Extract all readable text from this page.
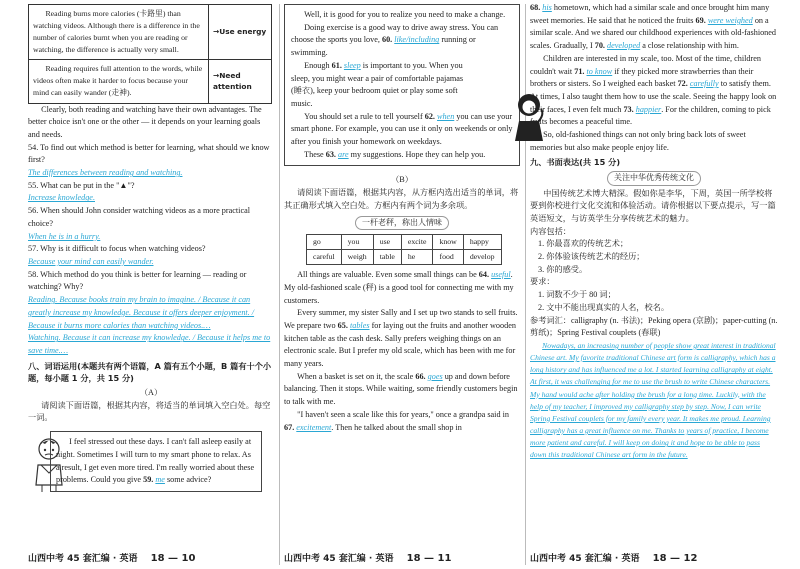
Reading burns more calories (卡路里) than watching videos. Although there is a difference in the number of calories burnt when you are reading or watching, the difference is actually very small.	→Use energy
Reading requires full attention to the words, while videos often make it harder to focus because your mind can easily wander (走神).	→Need attention

Clearly, both reading and watching have their own advantages. The better choice isn't one or the other — it depends on your learning goals and needs.

54. To find out which method is better for learning, what should we know first?

The differences between reading and watching.

55. What can be put in the "▲"?

Increase knowledge.

56. When should John consider watching videos as a more practical choice?

When he is in a hurry.

57. Why is it difficult to focus when watching videos?

Because your mind can easily wander.

58. Which method do you think is better for learning — reading or watching? Why?

Reading. Because books train my brain to imagine. / Because it can greatly increase my knowledge. Because it offers deeper enjoyment. / Because it burns more calories than watching videos.…

Watching. Because it can increase my knowledge. / Because it helps me to save time.…

八、词语运用(本题共有两个语篇，A 篇有五个小题，B 篇有十个小题，每小题 1 分，共 15 分)

（A）

请阅读下面语篇，根据其内容，将适当的单词填入空白处。每空一词。

I feel stressed out these days. I can't fall asleep easily at night. Sometimes I will turn to my smart phone to relax. As a result, I get even more tired. I'm really worried about these problems. Could you give 59. me some advice?

山西中考 45 套汇编 · 英语 18 — 10

Well, it is good for you to realize you need to make a change.

Doing exercise is a good way to drive away stress. You can choose the sports you love, 60. like/including running or swimming.

Enough 61. sleep is important to you. When you sleep, you might wear a pair of comfortable pajamas (睡衣), keep your bedroom quiet or play some soft music.

You should set a rule to tell yourself 62. when you can use your smart phone. For example, you can use it only on weekends or only after you finish your homework on weekdays.

These 63. are my suggestions. Hope they can help you.

（B）

请阅读下面语篇，根据其内容，从方框内选出适当的单词，将其正确形式填入空白处。方框内有两个词为多余项。

一杆老秤，称出人情味

go	you	use	excite	know	happy
careful	weigh	table	he	food	develop

All things are valuable. Even some small things can be 64. useful. My old-fashioned scale (秤) is a good tool for connecting me with my customers.

Every summer, my sister Sally and I set up two stands to sell fruits. We prepare two 65. tables for laying out the fruits and another wooden kitchen table as the cash desk. Sally prefers weighing things on an electronic scale. But I prefer my old scale, which has been with me for many years.

When a basket is set on it, the scale 66. goes up and down before balancing. Then it stops. While waiting, some friendly customers begin to talk with me.

"I haven't seen a scale like this for years," once a grandpa said in 67. excitement. Then he talked about the small shop in

山西中考 45 套汇编 · 英语 18 — 11

68. his hometown, which had a similar scale and once brought him many sweet memories. He said that he noticed the fruits 69. were weighed on a similar scale. And we shared our childhood experiences with old-fashioned scales. Gradually, I 70. developed a close relationship with him.

Children are interested in my scale, too. Most of the time, children couldn't wait 71. to know if they picked more strawberries than their brothers or sisters. So I weighed each basket 72. carefully to satisfy them. At times, I also taught them how to use the scale. Seeing the happy look on their faces, I even felt much 73. happier. For the children, coming to pick fruits becomes a peaceful time.

So, old-fashioned things can not only bring back lots of sweet memories but also make people enjoy life.

九、书面表达(共 15 分)

关注中华优秀传统文化

中国传统艺术博大精深。假如你是李华，下周，英国一所学校将要到你校进行文化交流和体验活动。请你根据以下要点提示，写一篇英语短文，与访英学生分享传统艺术的魅力。

内容包括：

1. 你最喜欢的传统艺术；

2. 你体验该传统艺术的经历；

3. 你的感受。

要求：

1. 词数不少于 80 词；

2. 文中不能出现真实的人名，校名。

参考词汇：calligraphy (n. 书法)；Peking opera (京剧)；paper-cutting (n. 剪纸)；Spring Festival couplets (春联)

Nowadays, an increasing number of people show great interest in traditional Chinese art. My favorite traditional Chinese art form is calligraphy, which has a long history and has influenced me a lot. I started learning calligraphy at eight. At first, it was challenging for me to use the brush to write Chinese characters. My hand would ache after holding the brush for a long time. Luckily, with the help of my teacher, I improved my calligraphy step by step. Now, I can write Spring Festival couplets for my family every year. It makes me proud. Learning calligraphy has a great influence on me. Thanks to years of practice, I become more patient and careful. I will keep on doing it and hope to be able to pass down this traditional Chinese art form in the future.

山西中考 45 套汇编 · 英语 18 — 12
